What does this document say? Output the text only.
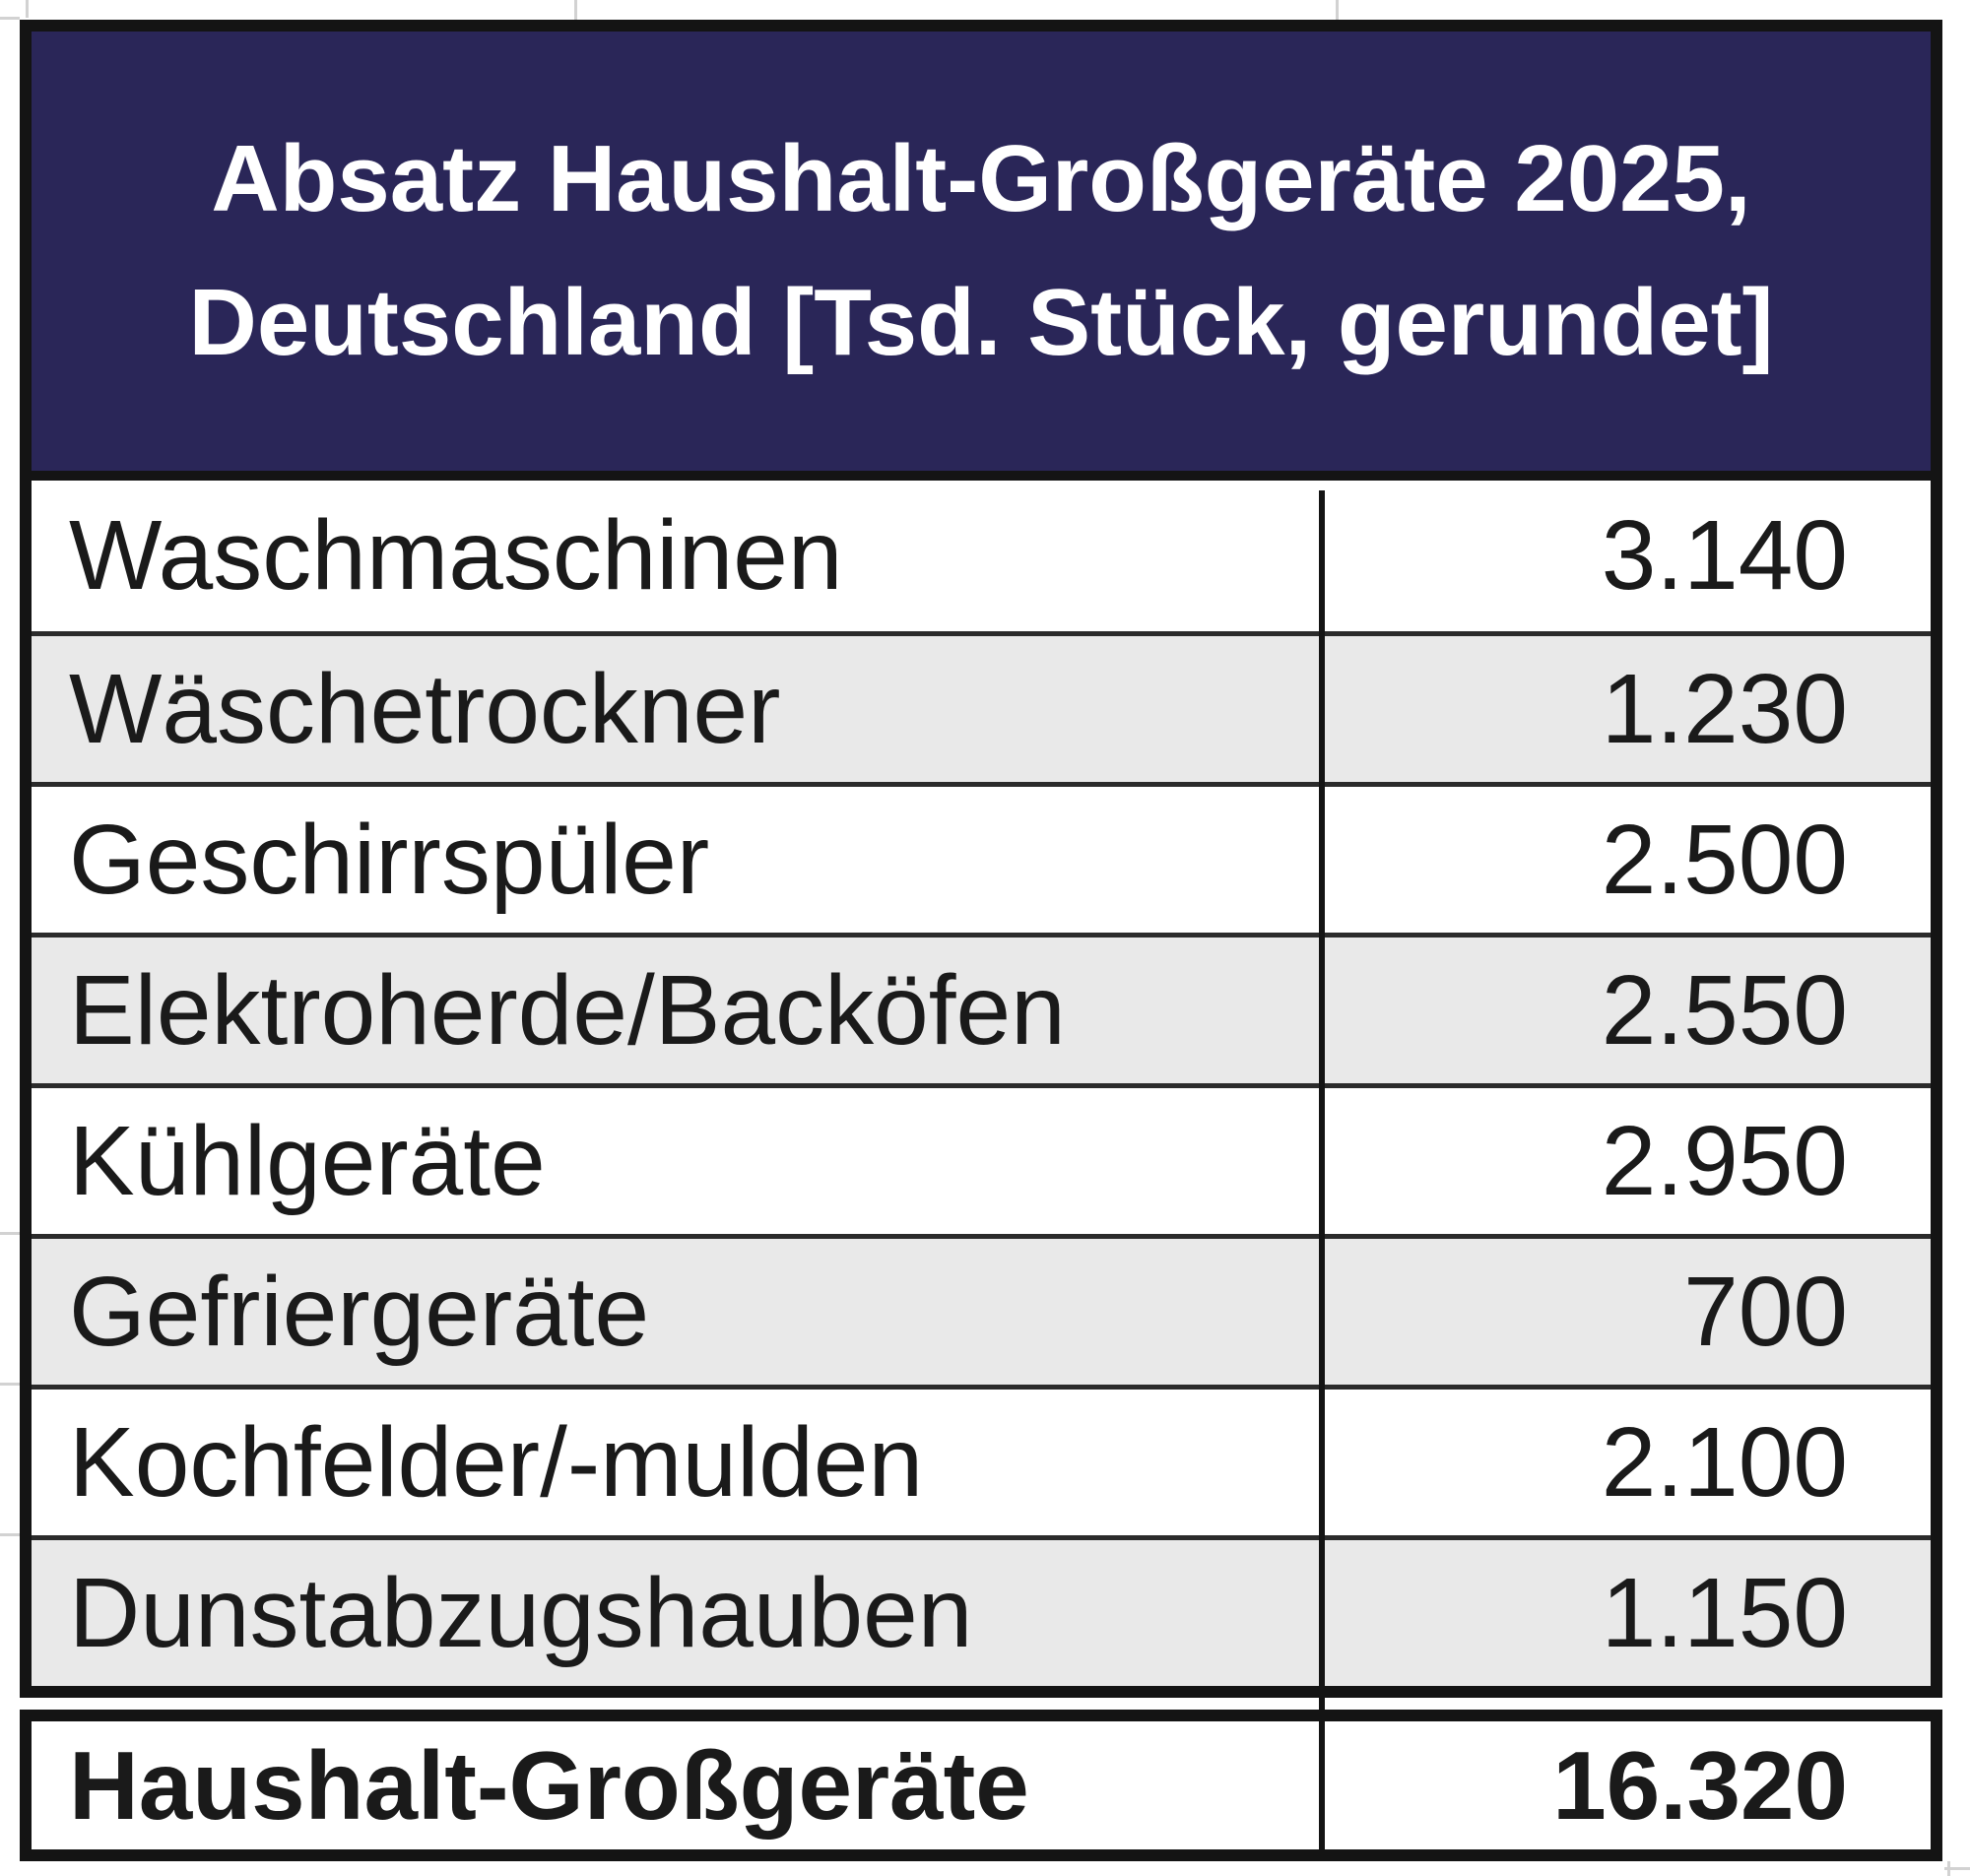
Absatz Haushalt-Großgeräte 2025,
Deutschland [Tsd. Stück, gerundet]
Waschmaschinen	3.140
Wäschetrockner	1.230
Geschirrspüler	2.500
Elektroherde/Backöfen	2.550
Kühlgeräte	2.950
Gefriergeräte	700
Kochfelder/-mulden	2.100
Dunstabzugshauben	1.150
Haushalt-Großgeräte	16.320
